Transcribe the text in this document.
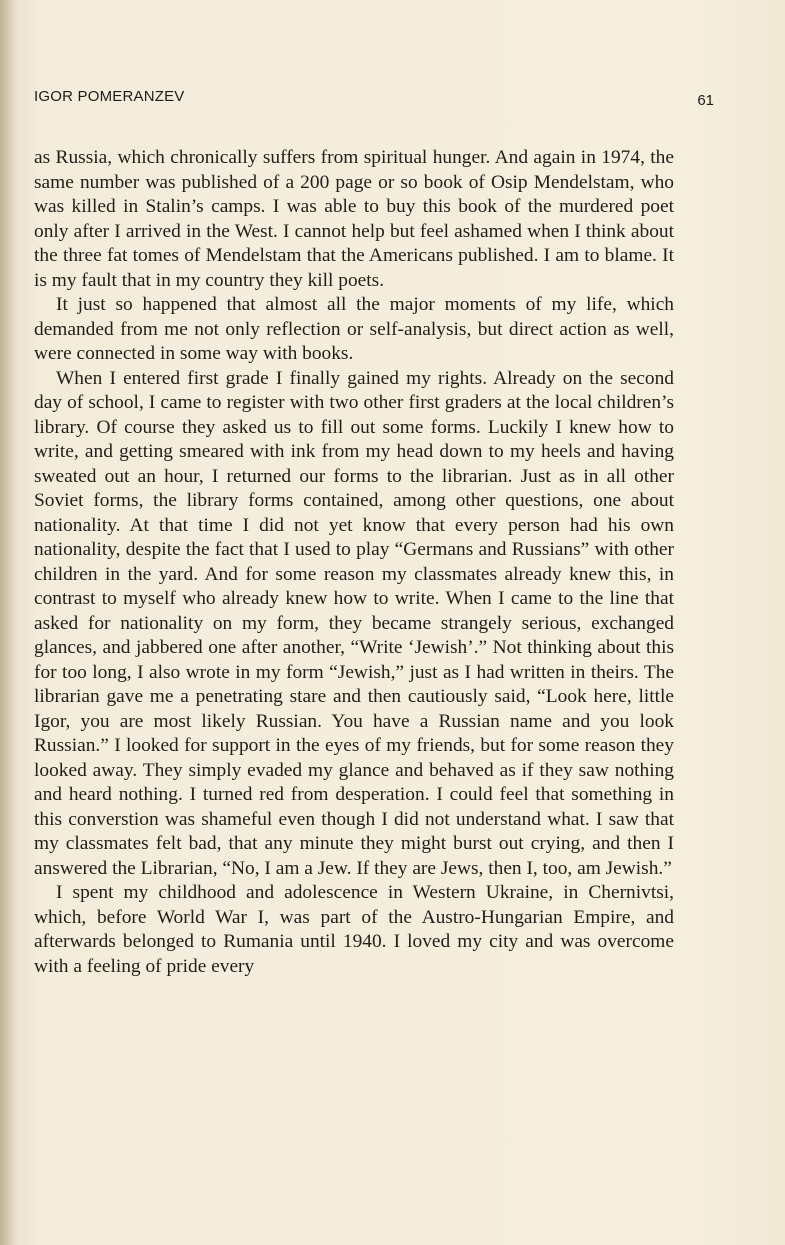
IGOR POMERANZEV	61

as Russia, which chronically suffers from spiritual hunger. And again in 1974, the same number was published of a 200 page or so book of Osip Mendelstam, who was killed in Stalin’s camps. I was able to buy this book of the murdered poet only after I arrived in the West. I cannot help but feel ashamed when I think about the three fat tomes of Mendelstam that the Americans published. I am to blame. It is my fault that in my country they kill poets.

It just so happened that almost all the major moments of my life, which demanded from me not only reflection or self-analysis, but direct action as well, were connected in some way with books.

When I entered first grade I finally gained my rights. Already on the second day of school, I came to register with two other first graders at the local children’s library. Of course they asked us to fill out some forms. Luckily I knew how to write, and getting smeared with ink from my head down to my heels and having sweated out an hour, I returned our forms to the librarian. Just as in all other Soviet forms, the library forms contained, among other questions, one about nationality. At that time I did not yet know that every person had his own nationality, despite the fact that I used to play “Germans and Russians” with other children in the yard. And for some reason my classmates already knew this, in contrast to myself who already knew how to write. When I came to the line that asked for nationality on my form, they became strangely serious, exchanged glances, and jabbered one after another, “Write ‘Jewish’.” Not thinking about this for too long, I also wrote in my form “Jewish,” just as I had written in theirs. The librarian gave me a penetrating stare and then cautiously said, “Look here, little Igor, you are most likely Russian. You have a Russian name and you look Russian.” I looked for support in the eyes of my friends, but for some reason they looked away. They simply evaded my glance and behaved as if they saw nothing and heard nothing. I turned red from desperation. I could feel that something in this converstion was shameful even though I did not understand what. I saw that my classmates felt bad, that any minute they might burst out crying, and then I answered the Librarian, “No, I am a Jew. If they are Jews, then I, too, am Jewish.”

I spent my childhood and adolescence in Western Ukraine, in Chernivtsi, which, before World War I, was part of the Austro-Hungarian Empire, and afterwards belonged to Rumania until 1940. I loved my city and was overcome with a feeling of pride every
